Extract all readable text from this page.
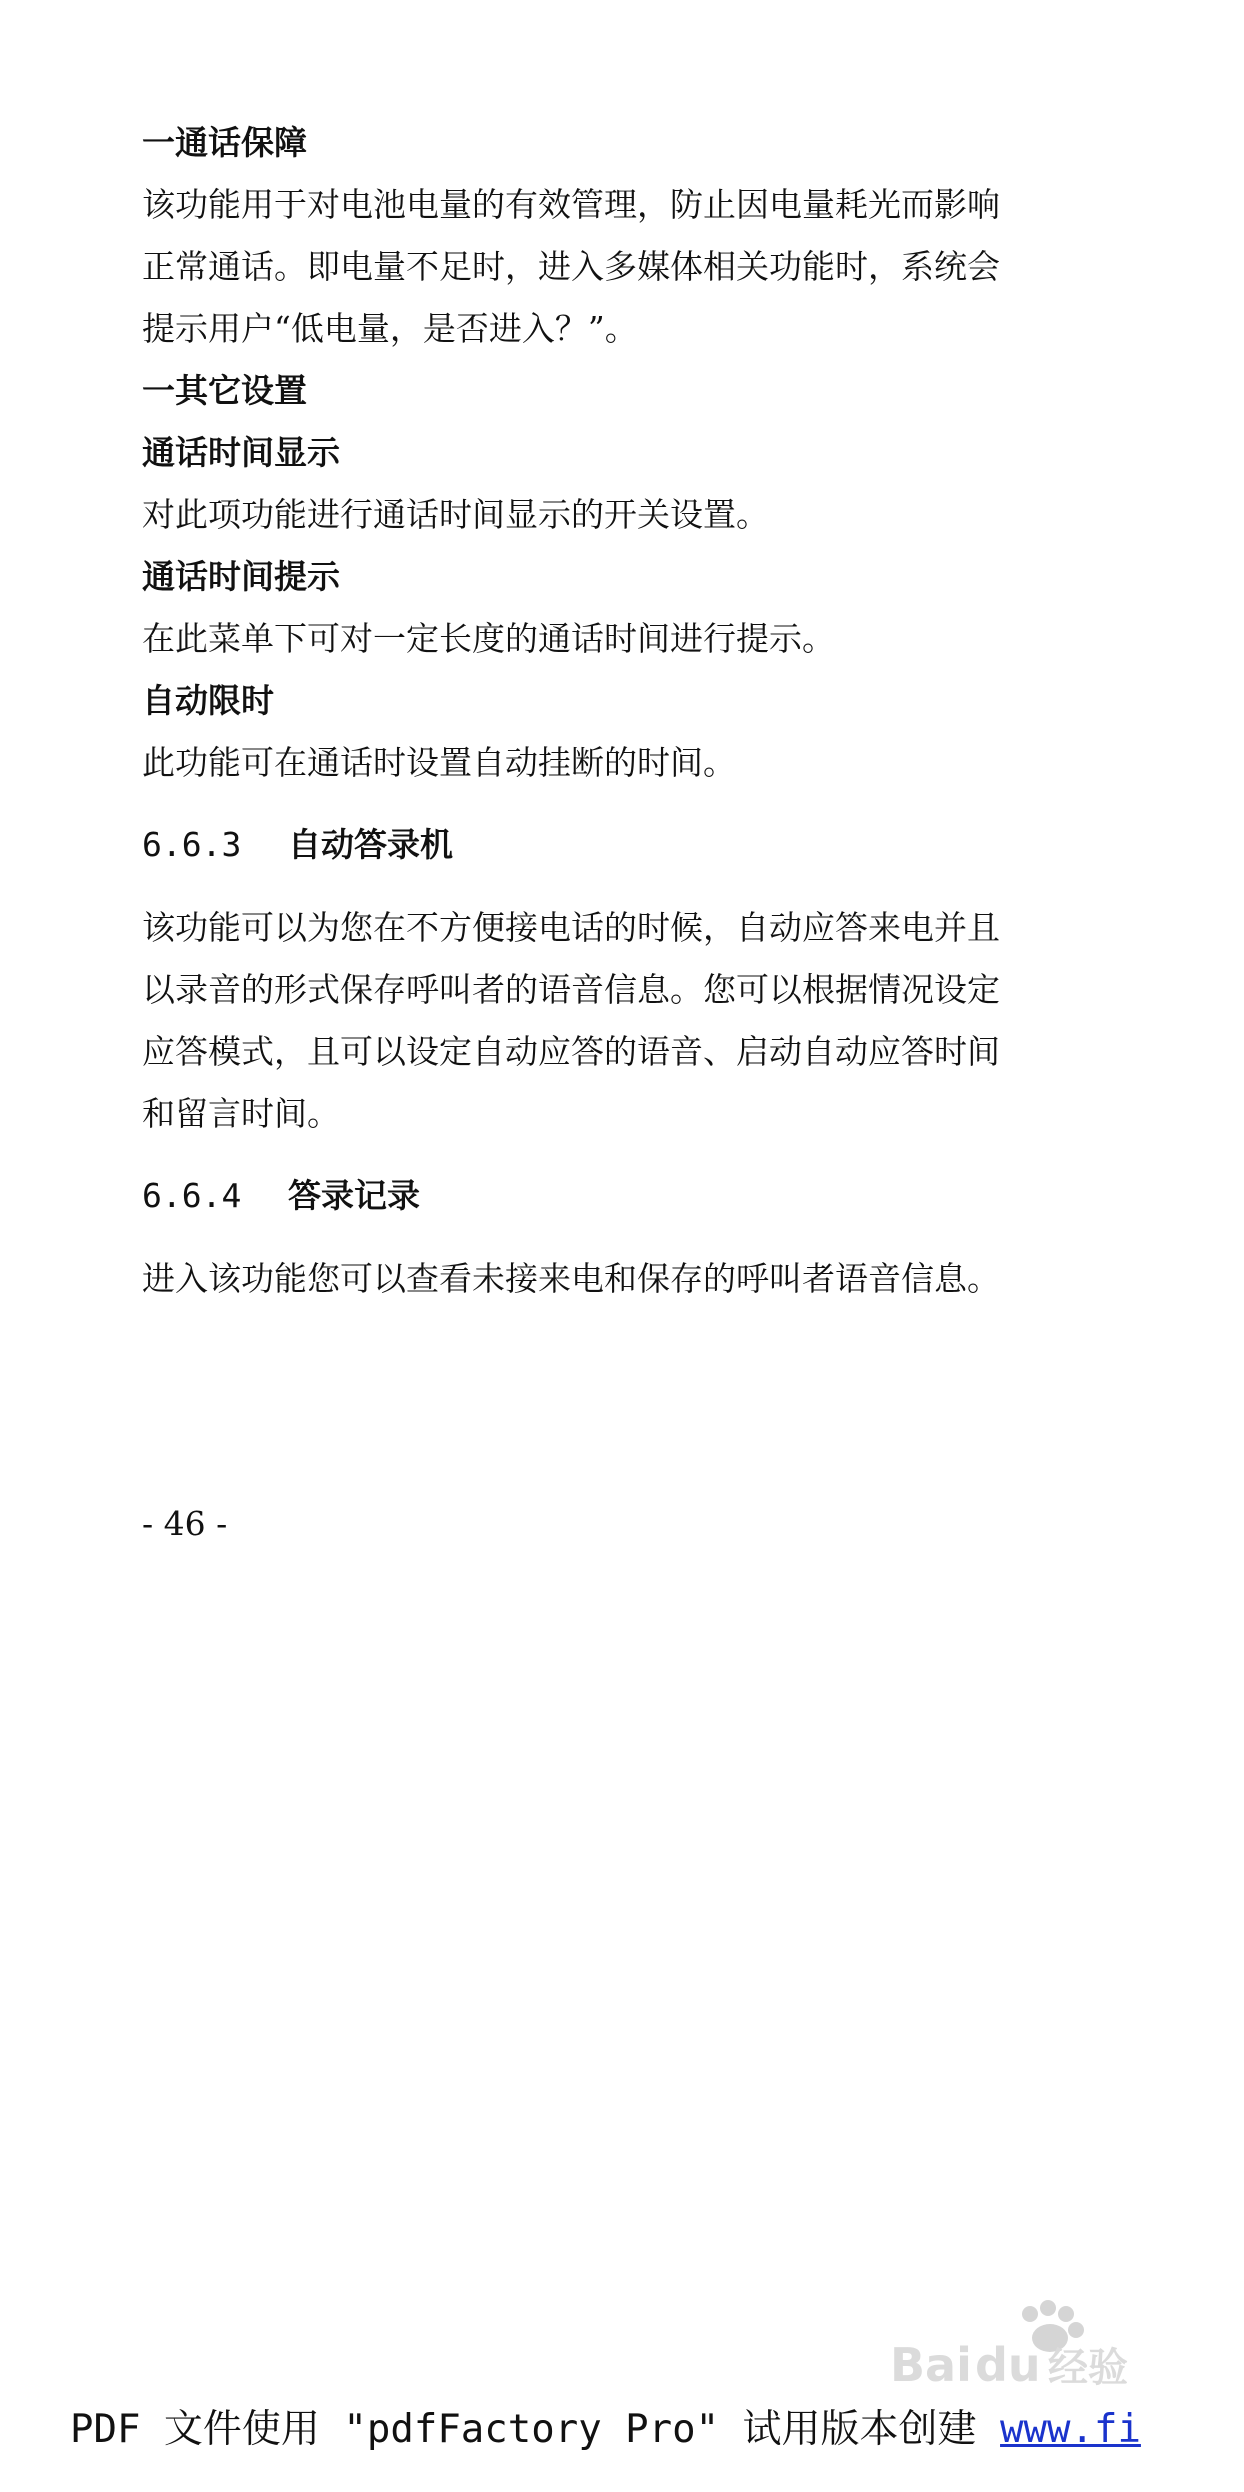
一通话保障
该功能用于对电池电量的有效管理，防止因电量耗光而影响
正常通话。即电量不足时，进入多媒体相关功能时，系统会
提示用户“低电量，是否进入？”。
一其它设置
通话时间显示
对此项功能进行通话时间显示的开关设置。
通话时间提示
在此菜单下可对一定长度的通话时间进行提示。
自动限时
此功能可在通话时设置自动挂断的时间。
6.6.3 自动答录机
该功能可以为您在不方便接电话的时候，自动应答来电并且
以录音的形式保存呼叫者的语音信息。您可以根据情况设定
应答模式，且可以设定自动应答的语音、启动自动应答时间
和留言时间。
6.6.4 答录记录
进入该功能您可以查看未接来电和保存的呼叫者语音信息。
- 46 -
Bai du 经验
PDF 文件使用 "pdfFactory Pro" 试用版本创建 www.fi
